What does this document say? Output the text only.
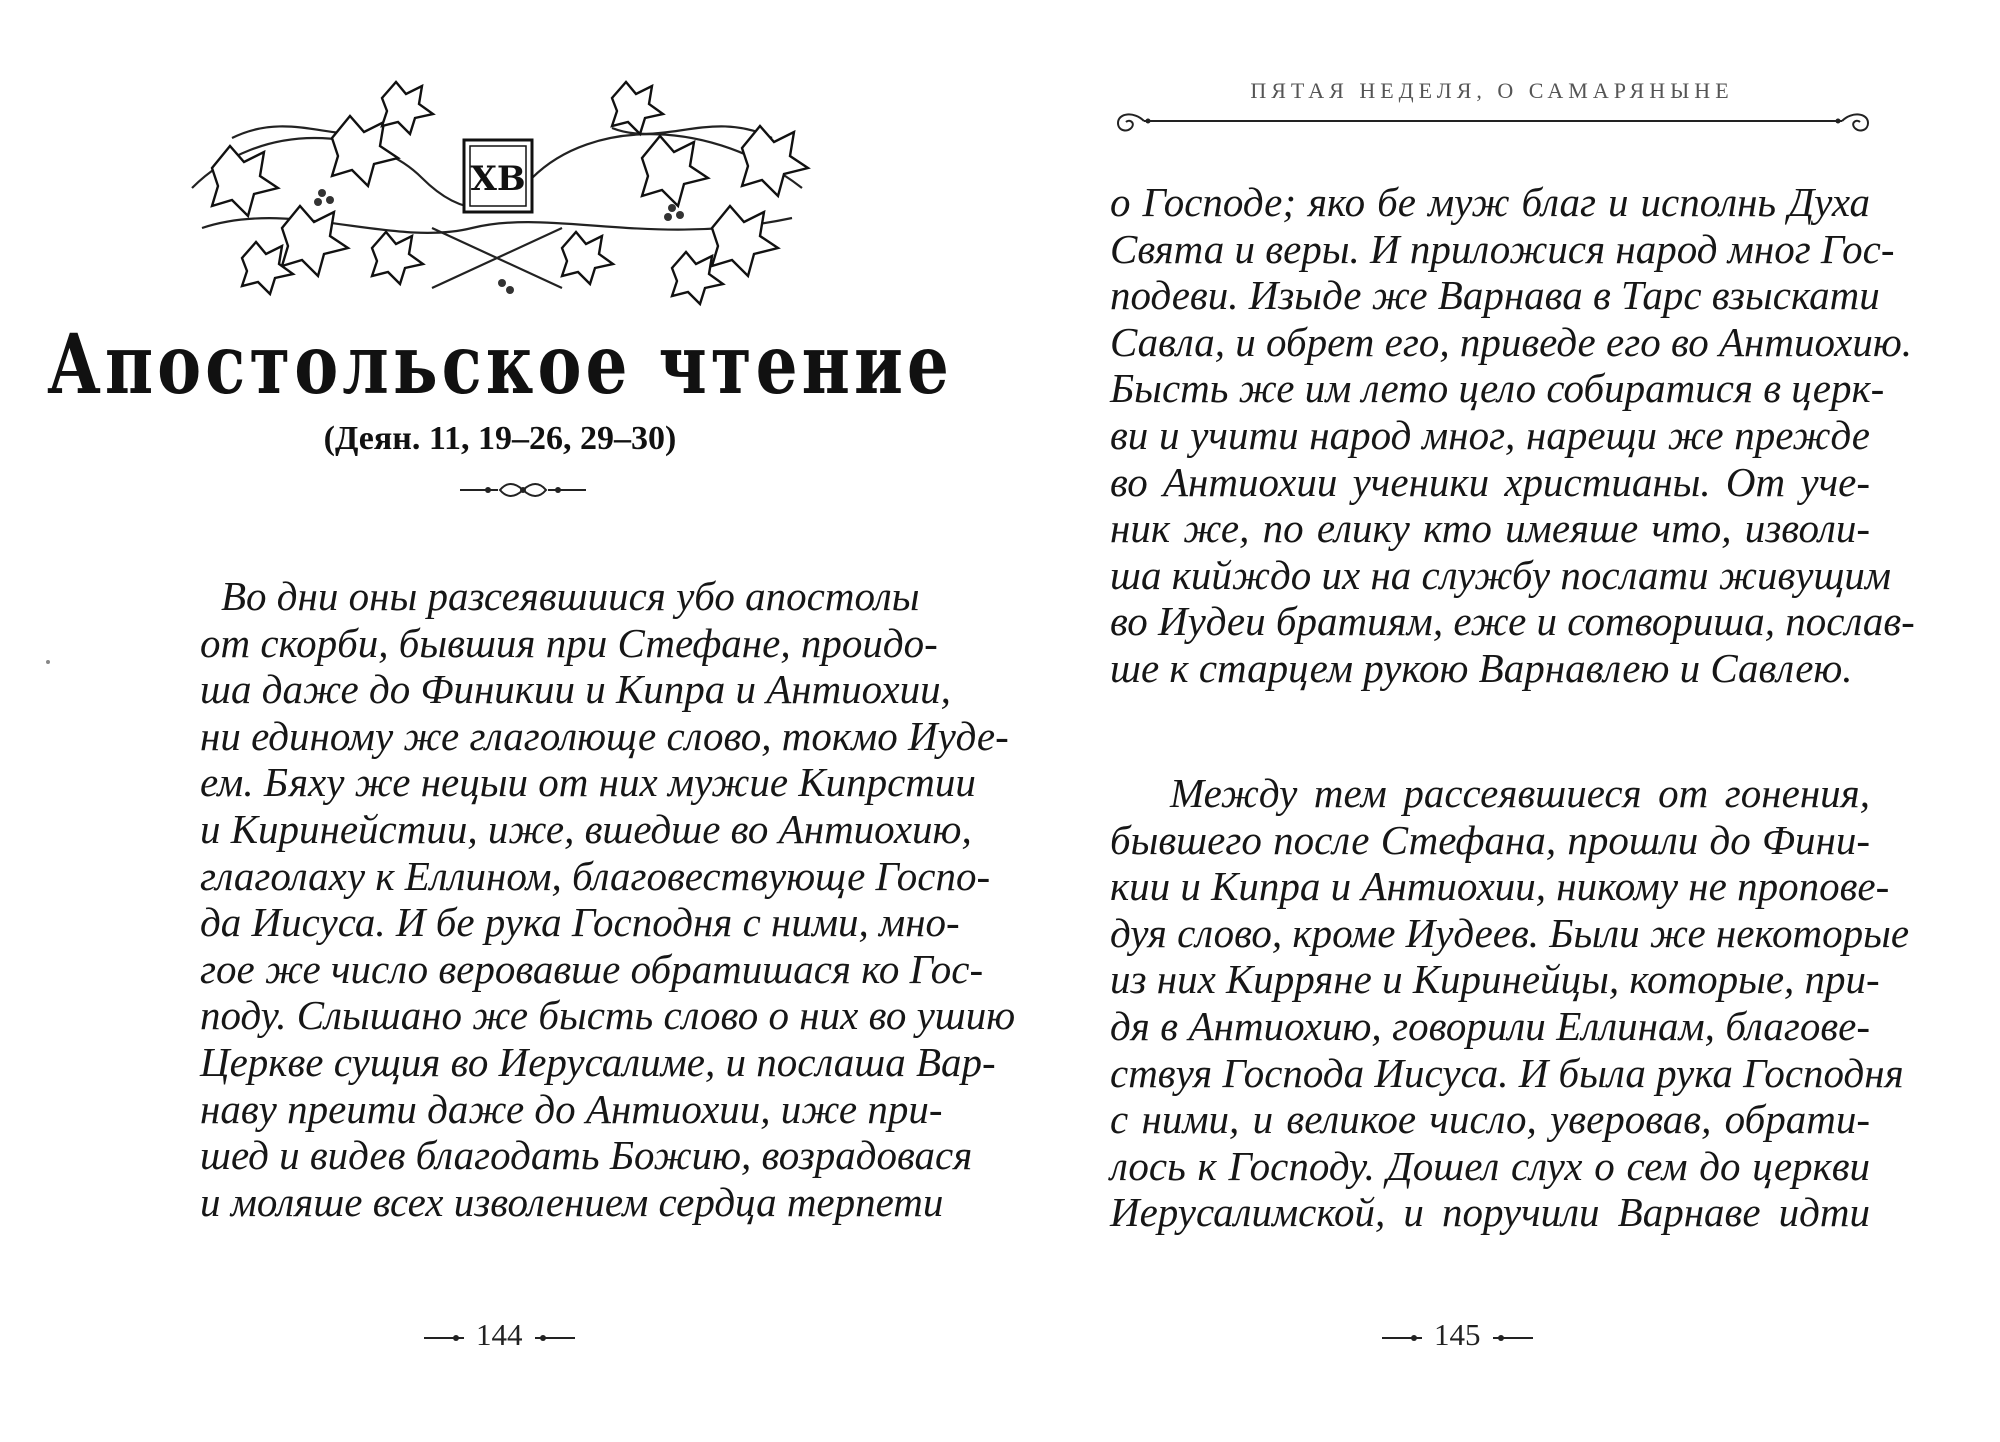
ХВ
Апостольское чтение
(Деян. 11, 19–26, 29–30)
Во дни оны разсеявшиися убо апостолы
от скорби, бывшия при Стефане, проидо-
ша даже до Финикии и Кипра и Антиохии,
ни единому же глаголюще слово, токмо Иуде-
ем. Бяху же нецыи от них мужие Кипрстии
и Киринейстии, иже, вшедше во Антиохию,
глаголаху к Еллином, благовествующе Госпо-
да Иисуса. И бе рука Господня с ними, мно-
гое же число веровавше обратишася ко Гос-
поду. Слышано же бысть слово о них во ушию
Церкве сущия во Иерусалиме, и послаша Вар-
наву преити даже до Антиохии, иже при-
шед и видев благодать Божию, возрадовася
и моляше всех изволением сердца терпети
144
ПЯТАЯ НЕДЕЛЯ, О САМАРЯНЫНЕ
о Господе; яко бе муж благ и исполнь Духа
Свята и веры. И приложися народ мног Гос-
подеви. Изыде же Варнава в Тарс взыскати
Савла, и обрет его, приведе его во Антиохию.
Бысть же им лето цело собиратися в церк-
ви и учити народ мног, нарещи же прежде
во Антиохии ученики христианы. От уче-
ник же, по елику кто имеяше что, изволи-
ша кийждо их на службу послати живущим
во Иудеи братиям, еже и сотвориша, послав-
ше к старцем рукою Варнавлею и Савлею.
Между тем рассеявшиеся от гонения,
бывшего после Стефана, прошли до Фини-
кии и Кипра и Антиохии, никому не пропове-
дуя слово, кроме Иудеев. Были же некоторые
из них Киpряне и Киринейцы, которые, при-
дя в Антиохию, говорили Еллинам, благове-
ствуя Господа Иисуса. И была рука Господня
с ними, и великое число, уверовав, обрати-
лось к Господу. Дошел слух о сем до церкви
Иерусалимской, и поручили Варнаве идти
145
